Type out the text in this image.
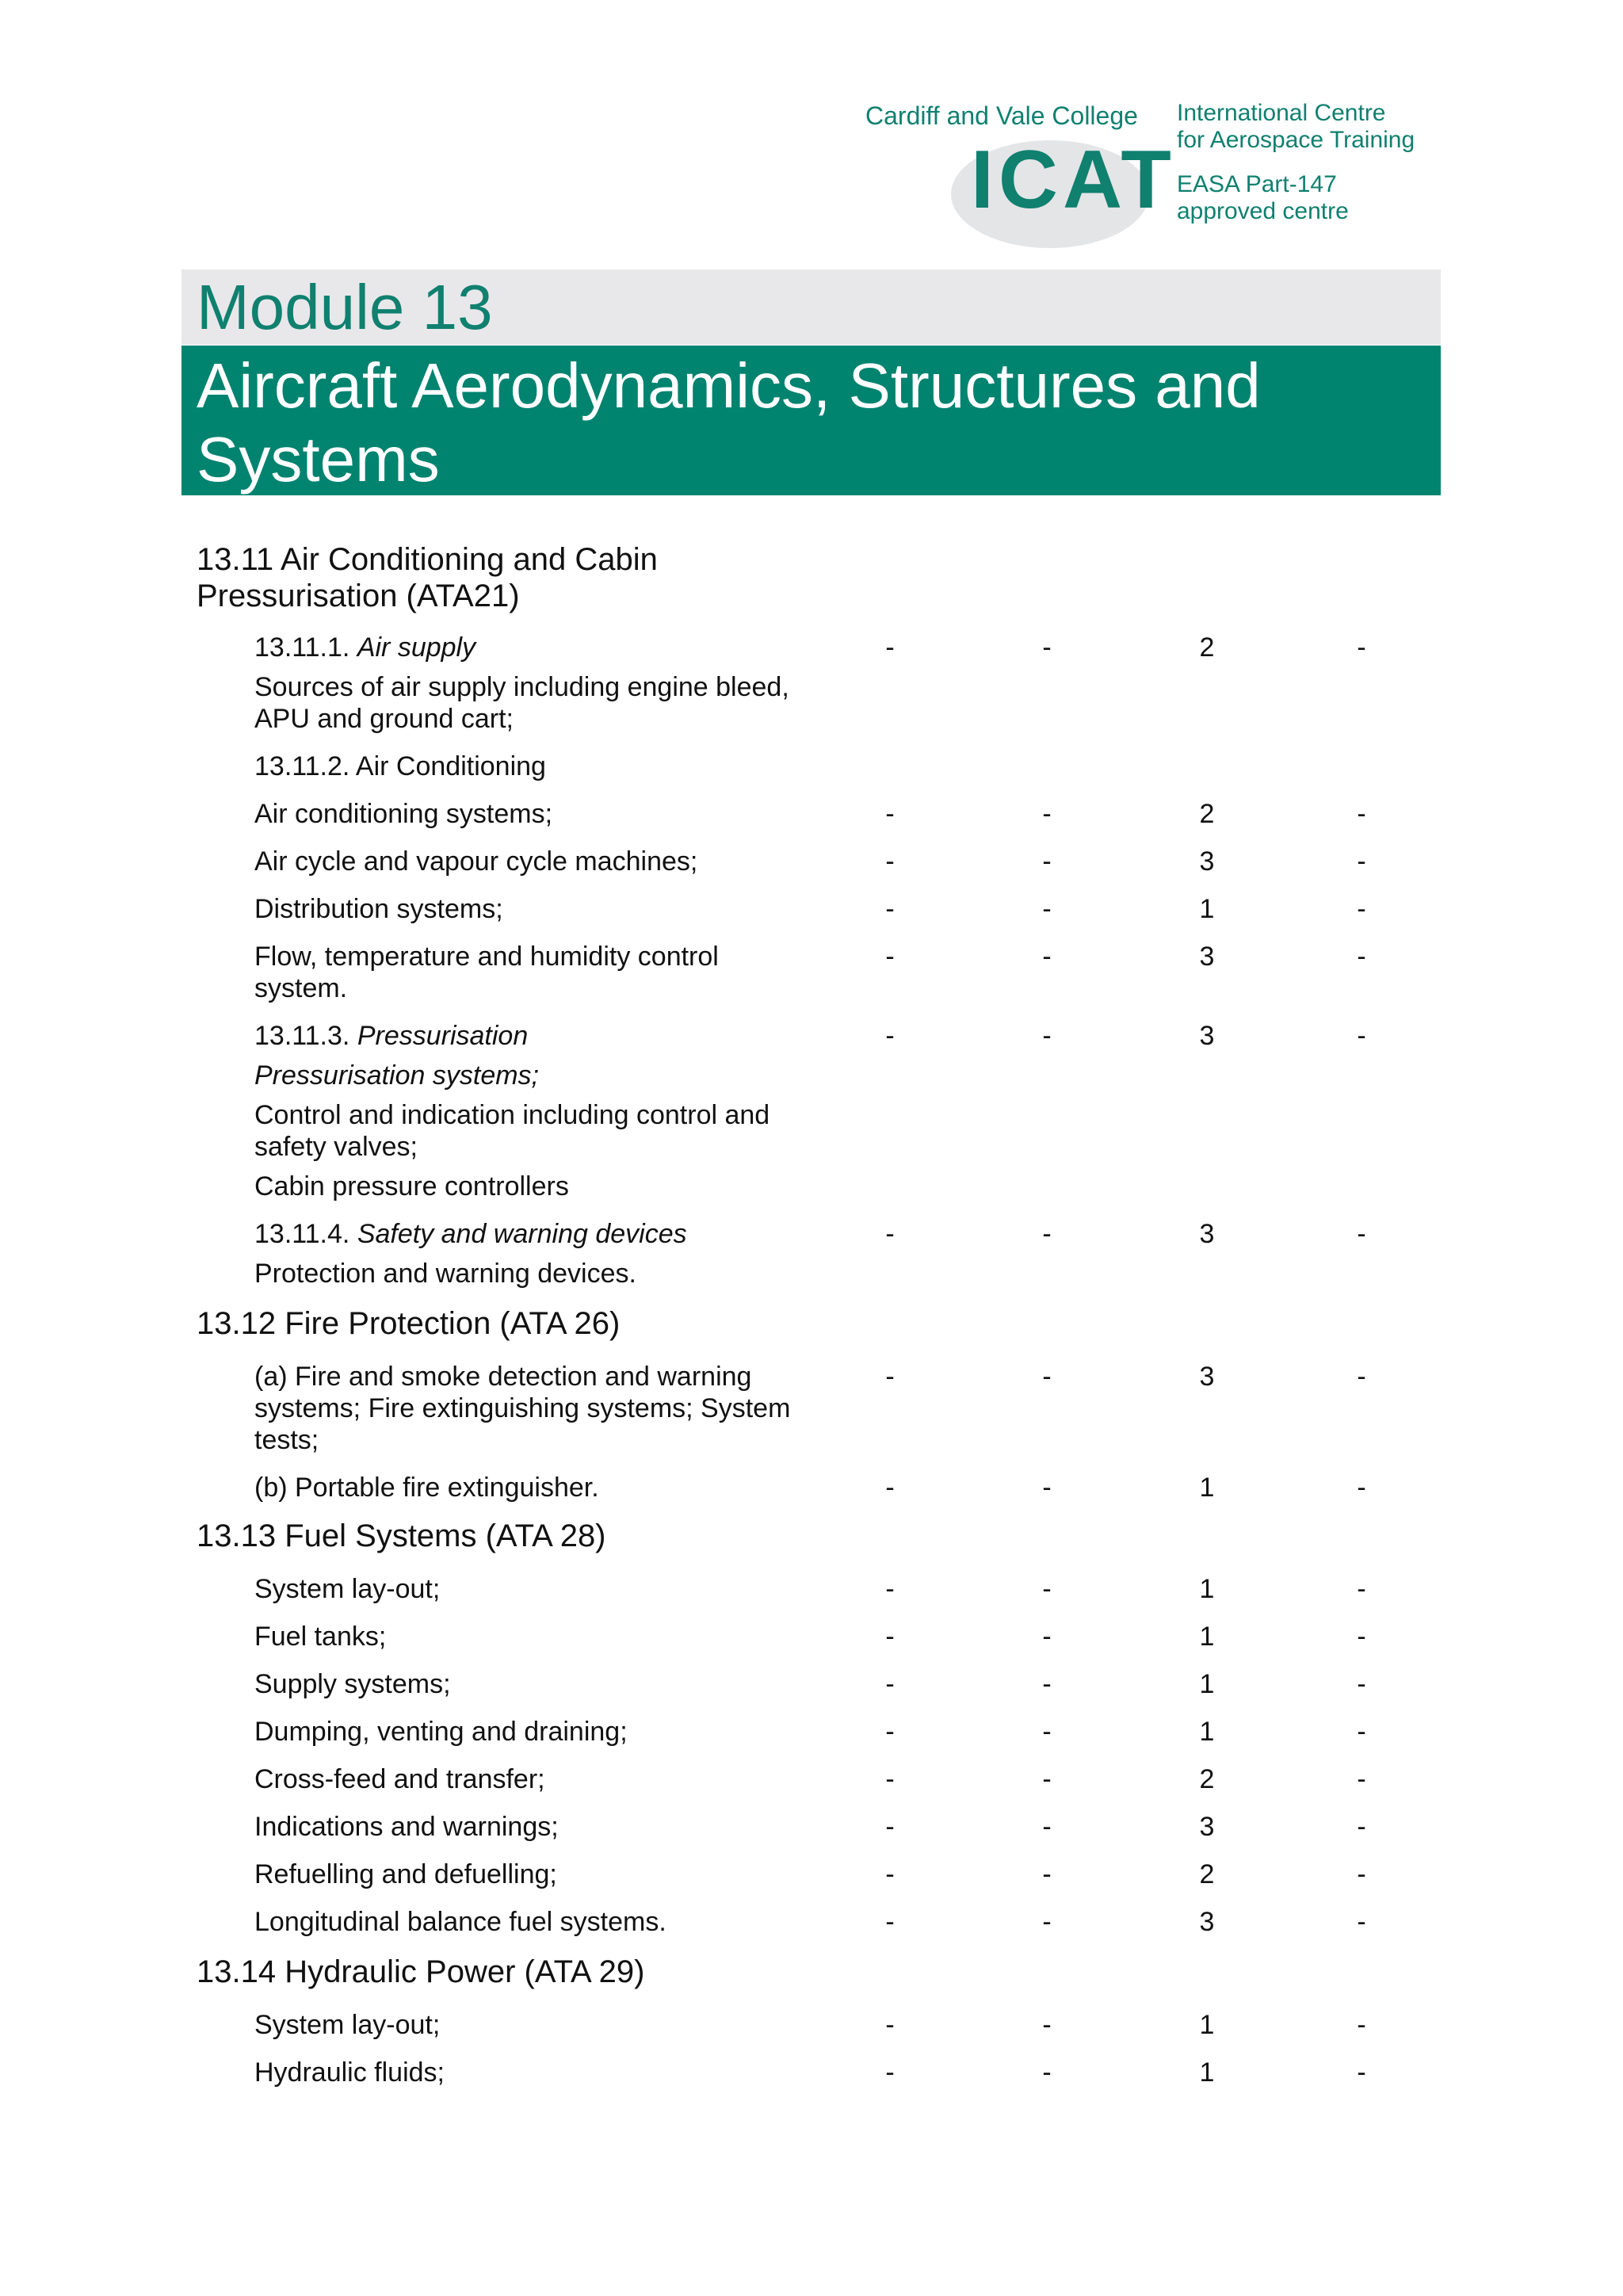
Cardiff and Vale College International Centre
for Aerospace Training
ICAT EASA Part-147
approved centre
Module 13
Aircraft Aerodynamics, Structures and Systems
13.11 Air Conditioning and Cabin
Pressurisation (ATA21)
13.11.1. Air supply	-	-	2	-
Sources of air supply including engine bleed,
APU and ground cart;
13.11.2. Air Conditioning
Air conditioning systems;	-	-	2	-
Air cycle and vapour cycle machines;	-	-	3	-
Distribution systems;	-	-	1	-
Flow, temperature and humidity control
system.
-	-	3	-
13.11.3. Pressurisation	-	-	3	-
Pressurisation systems;
Control and indication including control and
safety valves;
Cabin pressure controllers
13.11.4. Safety and warning devices	-	-	3	-
Protection and warning devices.
13.12 Fire Protection (ATA 26)
(a) Fire and smoke detection and warning
systems; Fire extinguishing systems; System
tests;
-	-	3	-
(b) Portable fire extinguisher.	-	-	1	-
13.13 Fuel Systems (ATA 28)
System lay-out;	-	-	1	-
Fuel tanks;	-	-	1	-
Supply systems;	-	-	1	-
Dumping, venting and draining;	-	-	1	-
Cross-feed and transfer;	-	-	2	-
Indications and warnings;	-	-	3	-
Refuelling and defuelling;	-	-	2	-
Longitudinal balance fuel systems.	-	-	3	-
13.14 Hydraulic Power (ATA 29)
System lay-out;	-	-	1	-
Hydraulic fluids;	-	-	1	-
